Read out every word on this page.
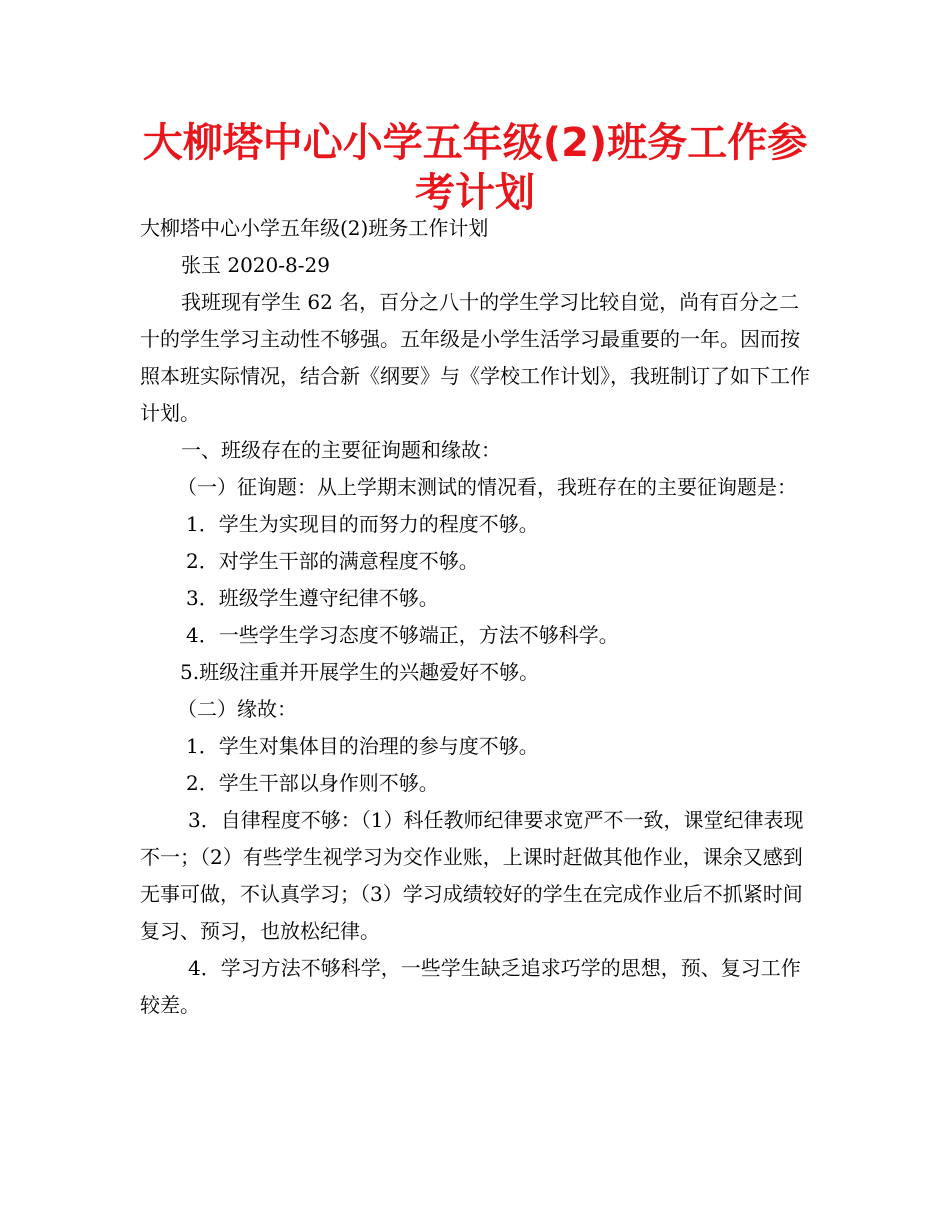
大柳塔中心小学五年级(2)班务工作参考计划

大柳塔中心小学五年级(2)班务工作计划

张玉 2020-8-29

我班现有学生 62 名，百分之八十的学生学习比较自觉，尚有百分之二十的学生学习主动性不够强。五年级是小学生活学习最重要的一年。因而按照本班实际情况，结合新《纲要》与《学校工作计划》，我班制订了如下工作计划。

一、班级存在的主要征询题和缘故：

（一）征询题：从上学期末测试的情况看，我班存在的主要征询题是：

1．学生为实现目的而努力的程度不够。

2．对学生干部的满意程度不够。

3．班级学生遵守纪律不够。

4．一些学生学习态度不够端正，方法不够科学。

5.班级注重并开展学生的兴趣爱好不够。

（二）缘故：

1．学生对集体目的治理的参与度不够。

2．学生干部以身作则不够。

3．自律程度不够：（1）科任教师纪律要求宽严不一致，课堂纪律表现不一；（2）有些学生视学习为交作业账，上课时赶做其他作业，课余又感到无事可做，不认真学习；（3）学习成绩较好的学生在完成作业后不抓紧时间复习、预习，也放松纪律。

4．学习方法不够科学，一些学生缺乏追求巧学的思想，预、复习工作较差。
